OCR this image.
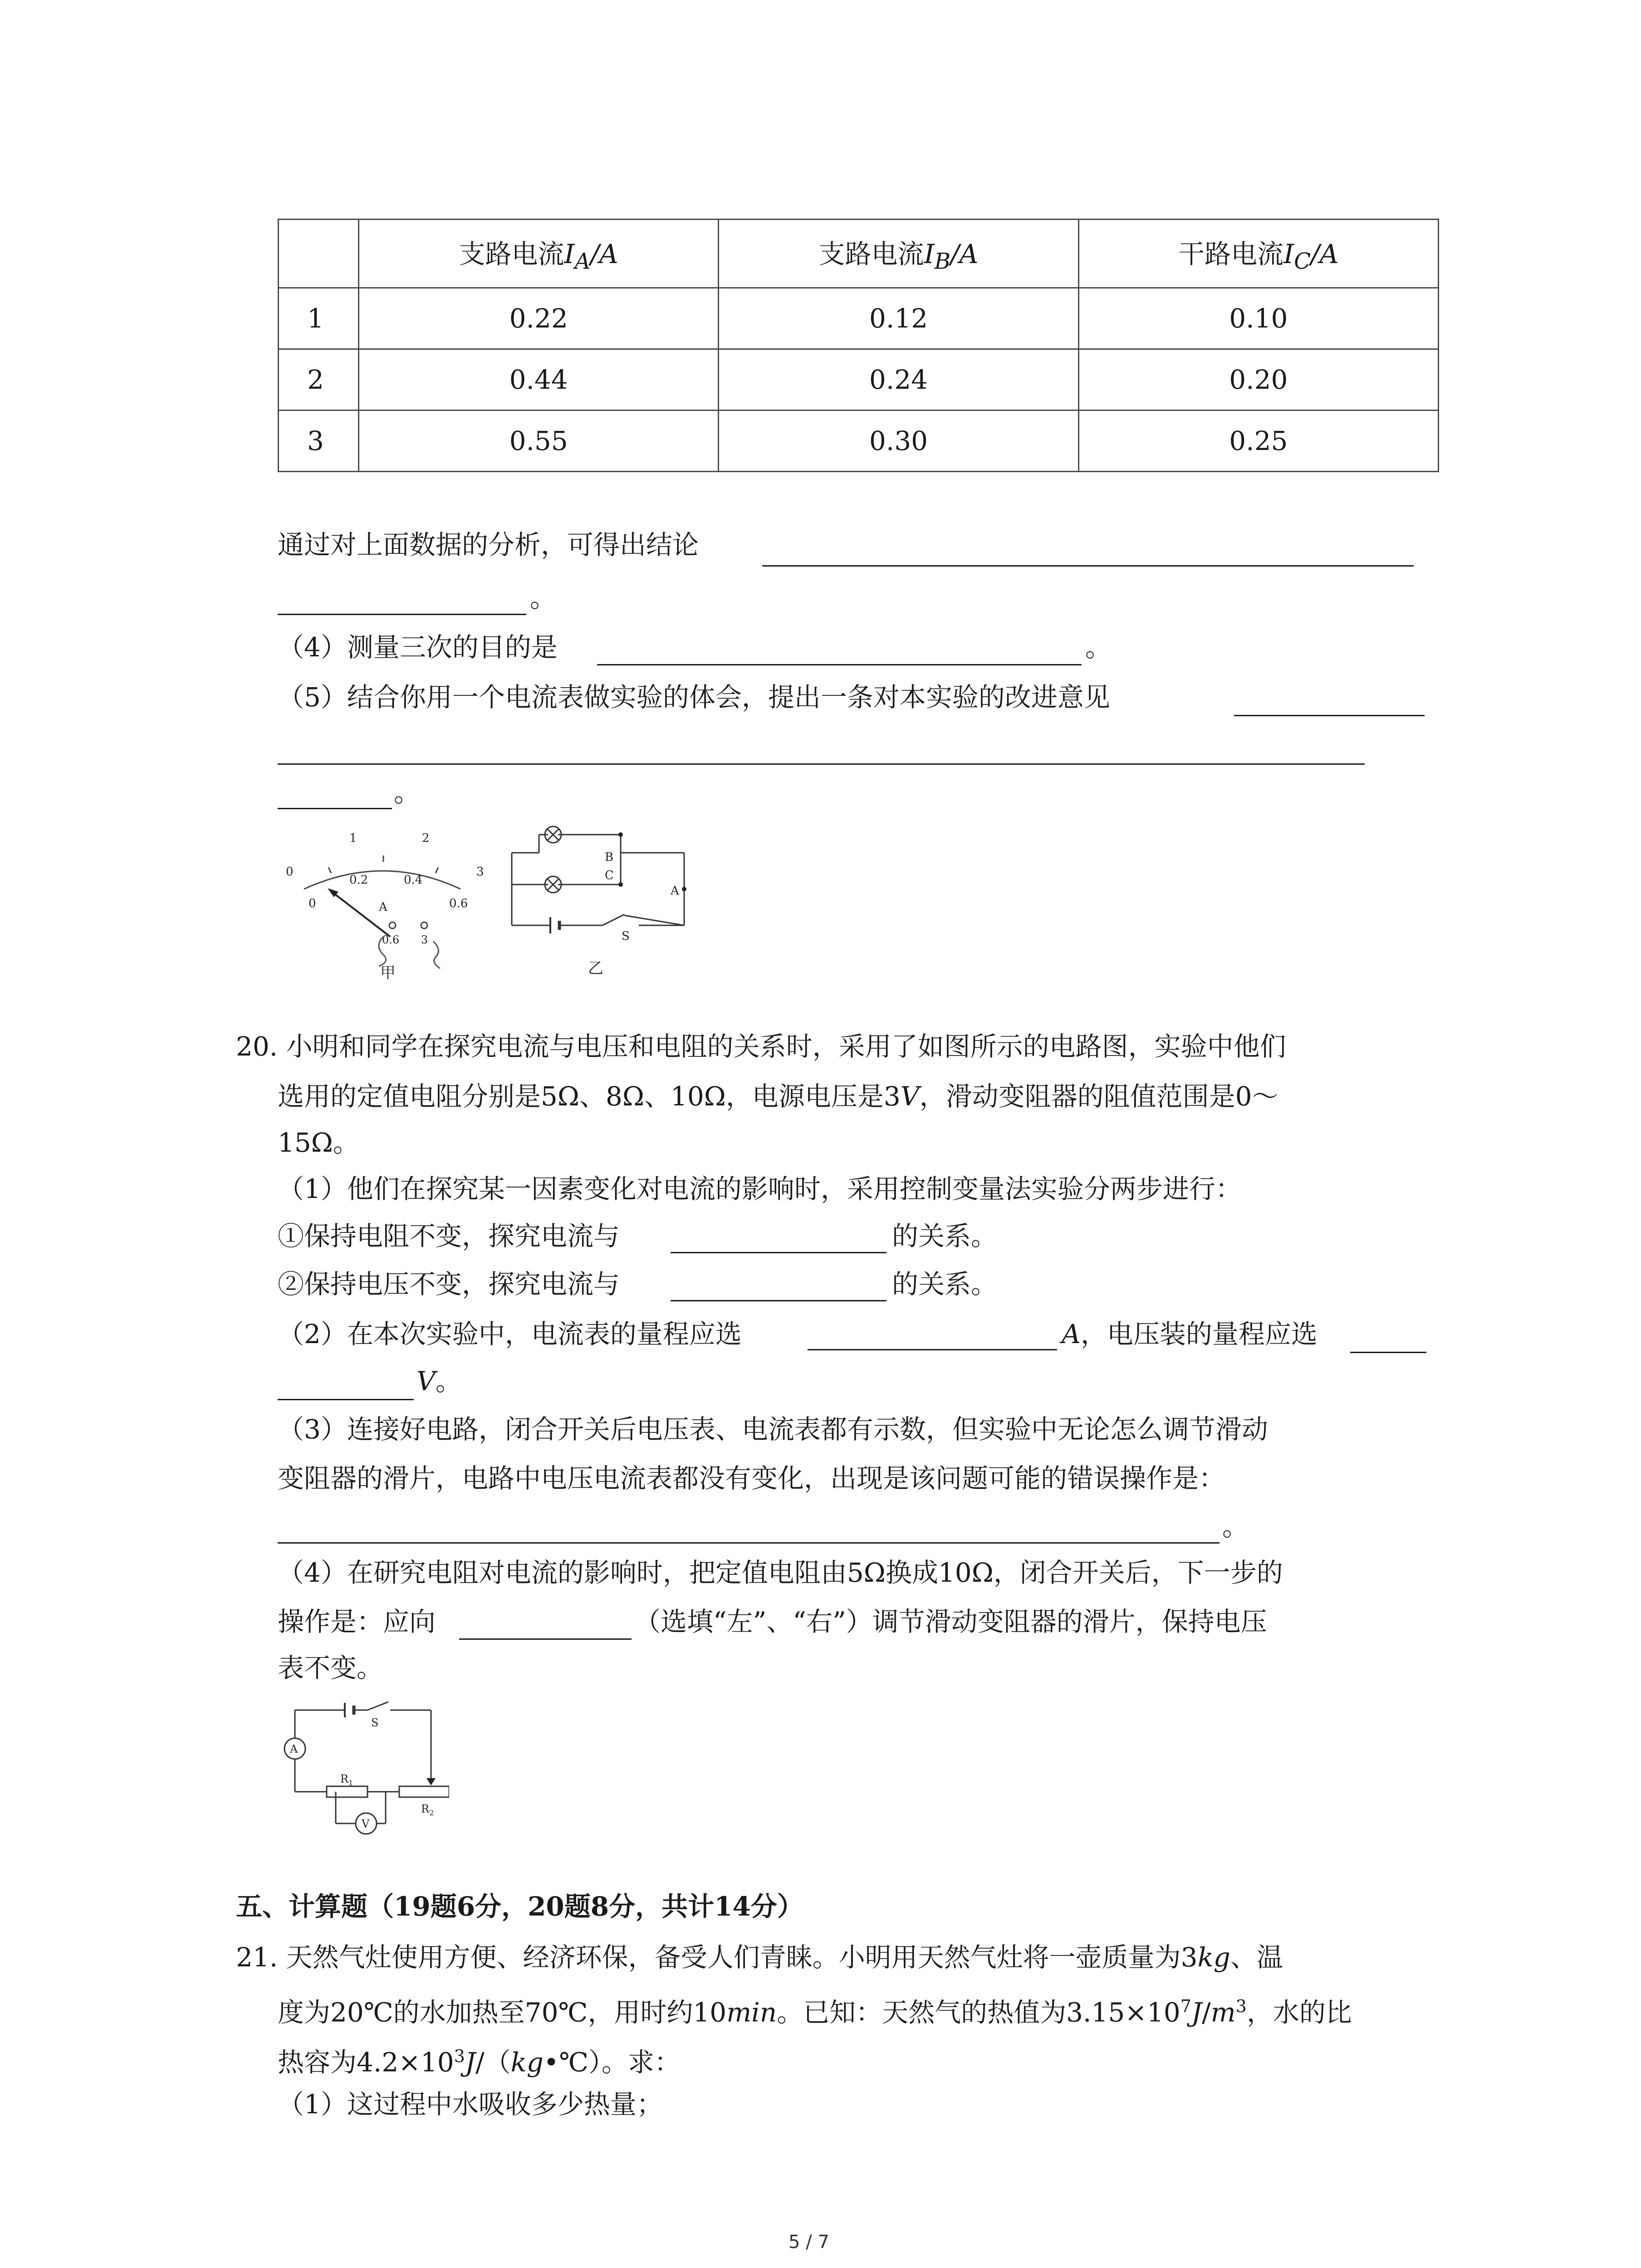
	支路电流$I_A/A$	支路电流$I_B/A$	干路电流$I_C/A$
1	0.22	0.12	0.10
2	0.44	0.24	0.20
3	0.55	0.30	0.25
通过对上面数据的分析，可得出结论
。
（4）测量三次的目的是	。
（5）结合你用一个电流表做实验的体会，提出一条对本实验的改进意见
。
1	2
0	3
0.2	0.4
0	0.6
A
0.6 3
甲
B
C
A
S
乙
20. 小明和同学在探究电流与电压和电阻的关系时，采用了如图所示的电路图，实验中他们
选用的定值电阻分别是5Ω、8Ω、10Ω，电源电压是3V，滑动变阻器的阻值范围是0～
15Ω。
（1）他们在探究某一因素变化对电流的影响时，采用控制变量法实验分两步进行：
①保持电阻不变，探究电流与	的关系。
②保持电压不变，探究电流与	的关系。
（2）在本次实验中，电流表的量程应选	A，电压装的量程应选
V。
（3）连接好电路，闭合开关后电压表、电流表都有示数，但实验中无论怎么调节滑动
变阻器的滑片，电路中电压电流表都没有变化，出现是该问题可能的错误操作是：
。
（4）在研究电阻对电流的影响时，把定值电阻由5Ω换成10Ω，闭合开关后，下一步的
操作是：应向	（选填“左”、“右”）调节滑动变阻器的滑片，保持电压
表不变。
S
A
$R_1$
$R_2$
V
五、计算题（19题6分，20题8分，共计14分）
21. 天然气灶使用方便、经济环保，备受人们青睐。小明用天然气灶将一壶质量为3kg、温
度为20℃的水加热至70℃，用时约10min。已知：天然气的热值为$3.15\times 10^7J/m^3$，水的比
热容为$4.2\times 10^3J/(kg•℃)$。求：
（1）这过程中水吸收多少热量；
5 / 7
